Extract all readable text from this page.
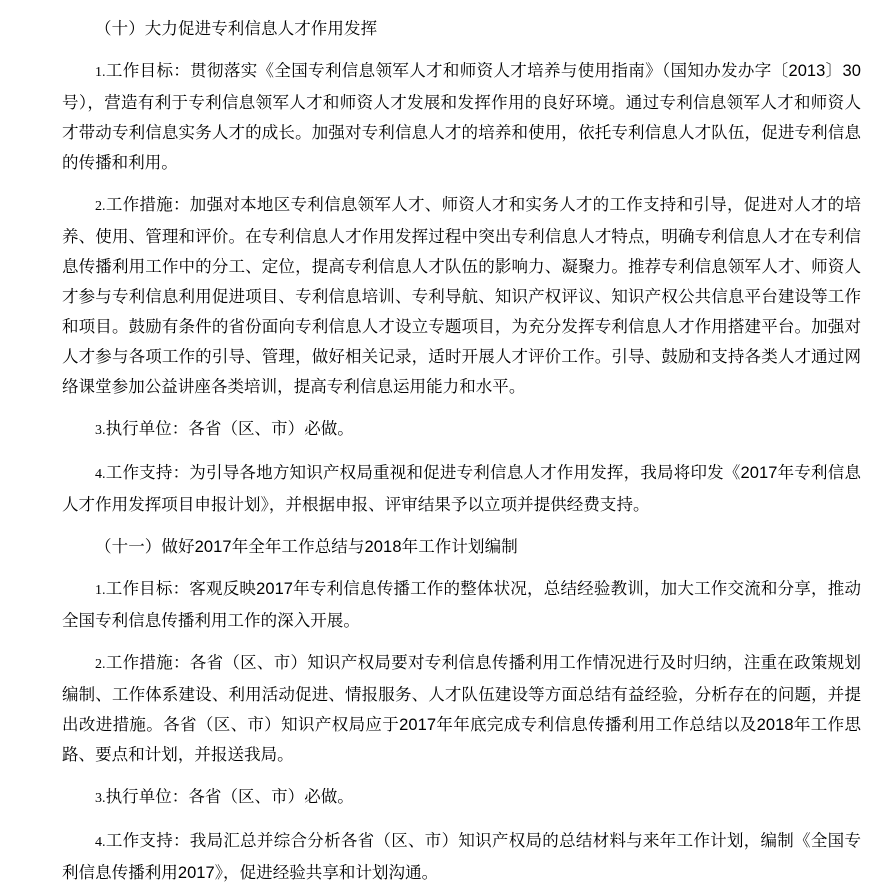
（十）大力促进专利信息人才作用发挥

1.工作目标：贯彻落实《全国专利信息领军人才和师资人才培养与使用指南》（国知办发办字〔2013〕30号），营造有利于专利信息领军人才和师资人才发展和发挥作用的良好环境。通过专利信息领军人才和师资人才带动专利信息实务人才的成长。加强对专利信息人才的培养和使用，依托专利信息人才队伍，促进专利信息的传播和利用。

2.工作措施：加强对本地区专利信息领军人才、师资人才和实务人才的工作支持和引导，促进对人才的培养、使用、管理和评价。在专利信息人才作用发挥过程中突出专利信息人才特点，明确专利信息人才在专利信息传播利用工作中的分工、定位，提高专利信息人才队伍的影响力、凝聚力。推荐专利信息领军人才、师资人才参与专利信息利用促进项目、专利信息培训、专利导航、知识产权评议、知识产权公共信息平台建设等工作和项目。鼓励有条件的省份面向专利信息人才设立专题项目，为充分发挥专利信息人才作用搭建平台。加强对人才参与各项工作的引导、管理，做好相关记录，适时开展人才评价工作。引导、鼓励和支持各类人才通过网络课堂参加公益讲座各类培训，提高专利信息运用能力和水平。

3.执行单位：各省（区、市）必做。

4.工作支持：为引导各地方知识产权局重视和促进专利信息人才作用发挥，我局将印发《2017年专利信息人才作用发挥项目申报计划》，并根据申报、评审结果予以立项并提供经费支持。

（十一）做好2017年全年工作总结与2018年工作计划编制

1.工作目标：客观反映2017年专利信息传播工作的整体状况，总结经验教训，加大工作交流和分享，推动全国专利信息传播利用工作的深入开展。

2.工作措施：各省（区、市）知识产权局要对专利信息传播利用工作情况进行及时归纳，注重在政策规划编制、工作体系建设、利用活动促进、情报服务、人才队伍建设等方面总结有益经验，分析存在的问题，并提出改进措施。各省（区、市）知识产权局应于2017年年底完成专利信息传播利用工作总结以及2018年工作思路、要点和计划，并报送我局。

3.执行单位：各省（区、市）必做。

4.工作支持：我局汇总并综合分析各省（区、市）知识产权局的总结材料与来年工作计划，编制《全国专利信息传播利用2017》，促进经验共享和计划沟通。
